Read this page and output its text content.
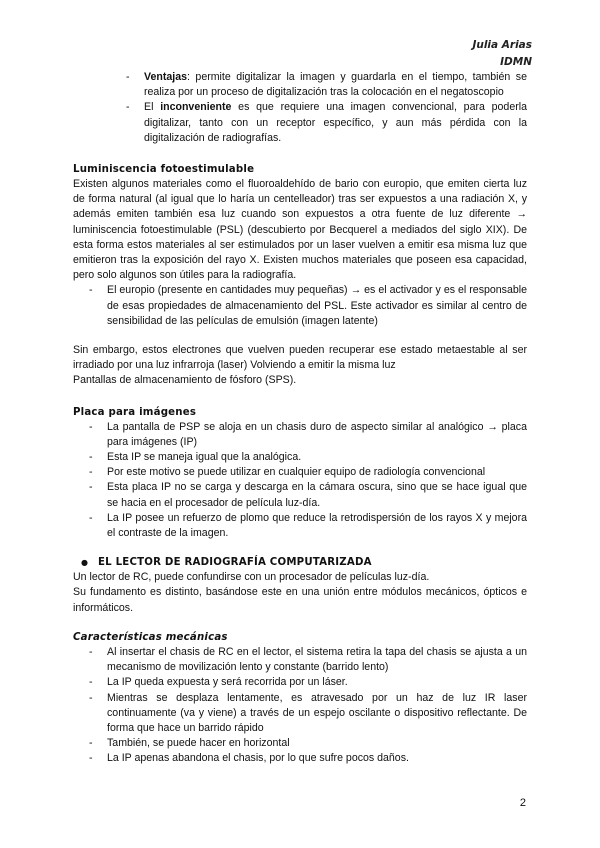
Julia Arias
IDMN
- Ventajas: permite digitalizar la imagen y guardarla en el tiempo, también se realiza por un proceso de digitalización tras la colocación en el negatoscopio
- El inconveniente es que requiere una imagen convencional, para poderla digitalizar, tanto con un receptor específico, y aun más pérdida con la digitalización de radiografías.
Luminiscencia fotoestimulable

Existen algunos materiales como el fluoroaldehído de bario con europio, que emiten cierta luz de forma natural (al igual que lo haría un centelleador) tras ser expuestos a una radiación X, y además emiten también esa luz cuando son expuestos a otra fuente de luz diferente → luminiscencia fotoestimulable (PSL) (descubierto por Becquerel a mediados del siglo XIX). De esta forma estos materiales al ser estimulados por un laser vuelven a emitir esa misma luz que emitieron tras la exposición del rayo X. Existen muchos materiales que poseen esa capacidad, pero solo algunos son útiles para la radiografía.

- El europio (presente en cantidades muy pequeñas) → es el activador y es el responsable de esas propiedades de almacenamiento del PSL. Este activador es similar al centro de sensibilidad de las películas de emulsión (imagen latente)

Sin embargo, estos electrones que vuelven pueden recuperar ese estado metaestable al ser irradiado por una luz infrarroja (laser) Volviendo a emitir la misma luz

Pantallas de almacenamiento de fósforo (SPS).

Placa para imágenes
- La pantalla de PSP se aloja en un chasis duro de aspecto similar al analógico → placa para imágenes (IP)
- Esta IP se maneja igual que la analógica.
- Por este motivo se puede utilizar en cualquier equipo de radiología convencional
- Esta placa IP no se carga y descarga en la cámara oscura, sino que se hace igual que se hacia en el procesador de película luz-día.
- La IP posee un refuerzo de plomo que reduce la retrodispersión de los rayos X y mejora el contraste de la imagen.
● EL LECTOR DE RADIOGRAFÍA COMPUTARIZADA

Un lector de RC, puede confundirse con un procesador de películas luz-día.

Su fundamento es distinto, basándose este en una unión entre módulos mecánicos, ópticos e informáticos.

Características mecánicas
- Al insertar el chasis de RC en el lector, el sistema retira la tapa del chasis se ajusta a un mecanismo de movilización lento y constante (barrido lento)
- La IP queda expuesta y será recorrida por un láser.
- Mientras se desplaza lentamente, es atravesado por un haz de luz IR laser continuamente (va y viene) a través de un espejo oscilante o dispositivo reflectante. De forma que hace un barrido rápido
- También, se puede hacer en horizontal
- La IP apenas abandona el chasis, por lo que sufre pocos daños.
2
